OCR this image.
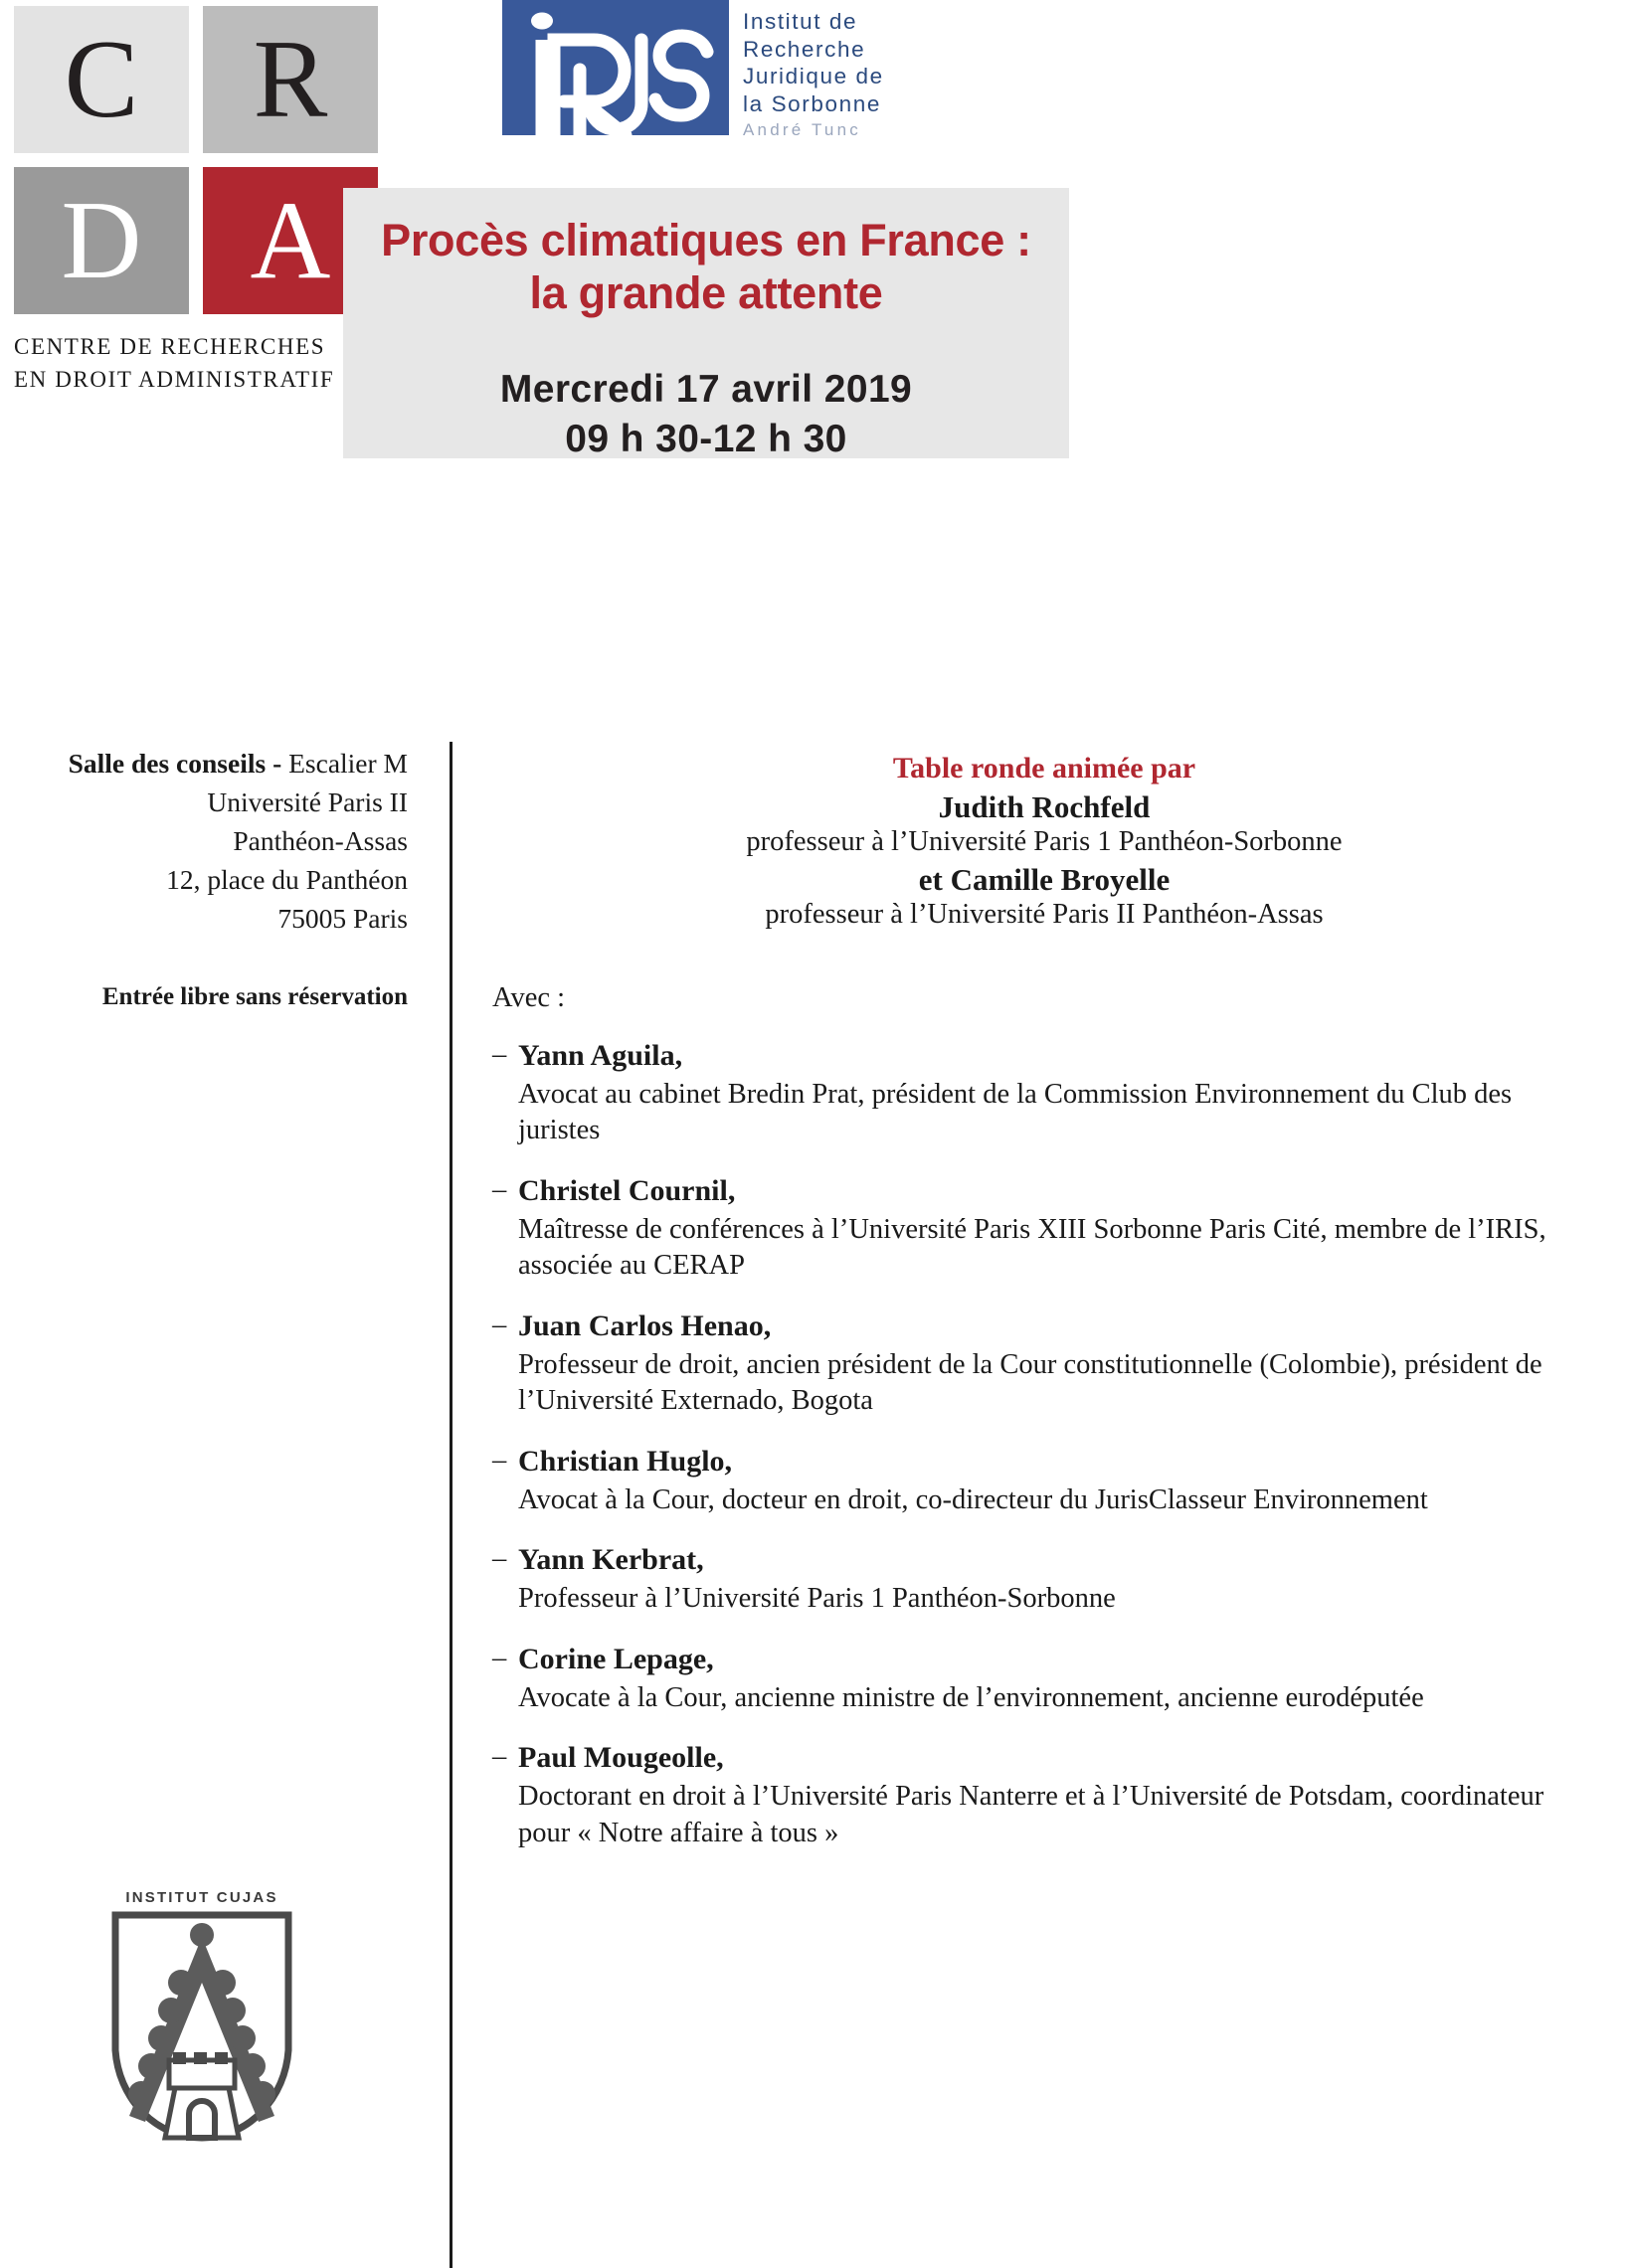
C	R
D A
CENTRE DE RECHERCHES
EN DROIT ADMINISTRATIF
Institut de
Recherche
Juridique de
la Sorbonne
André Tunc
Procès climatiques en France :
la grande attente
Mercredi 17 avril 2019
09 h 30-12 h 30
Salle des conseils - Escalier M
Université Paris II
Panthéon-Assas
12, place du Panthéon
75005 Paris
Entrée libre sans réservation
INSTITUT CUJAS
Table ronde animée par
Judith Rochfeld
professeur à l’Université Paris 1 Panthéon-Sorbonne
et Camille Broyelle
professeur à l’Université Paris II Panthéon-Assas
Avec :
– Yann Aguila,
Avocat au cabinet Bredin Prat, président de la Commission Environnement du Club des juristes
– Christel Cournil,
Maîtresse de conférences à l’Université Paris XIII Sorbonne Paris Cité, membre de l’IRIS, associée au CERAP
– Juan Carlos Henao,
Professeur de droit, ancien président de la Cour constitutionnelle (Colombie), président de l’Université Externado, Bogota
– Christian Huglo,
Avocat à la Cour, docteur en droit, co-directeur du JurisClasseur Environnement
– Yann Kerbrat,
Professeur à l’Université Paris 1 Panthéon-Sorbonne
– Corine Lepage,
Avocate à la Cour, ancienne ministre de l’environnement, ancienne eurodéputée
– Paul Mougeolle,
Doctorant en droit à l’Université Paris Nanterre et à l’Université de Potsdam, coordinateur pour « Notre affaire à tous »
